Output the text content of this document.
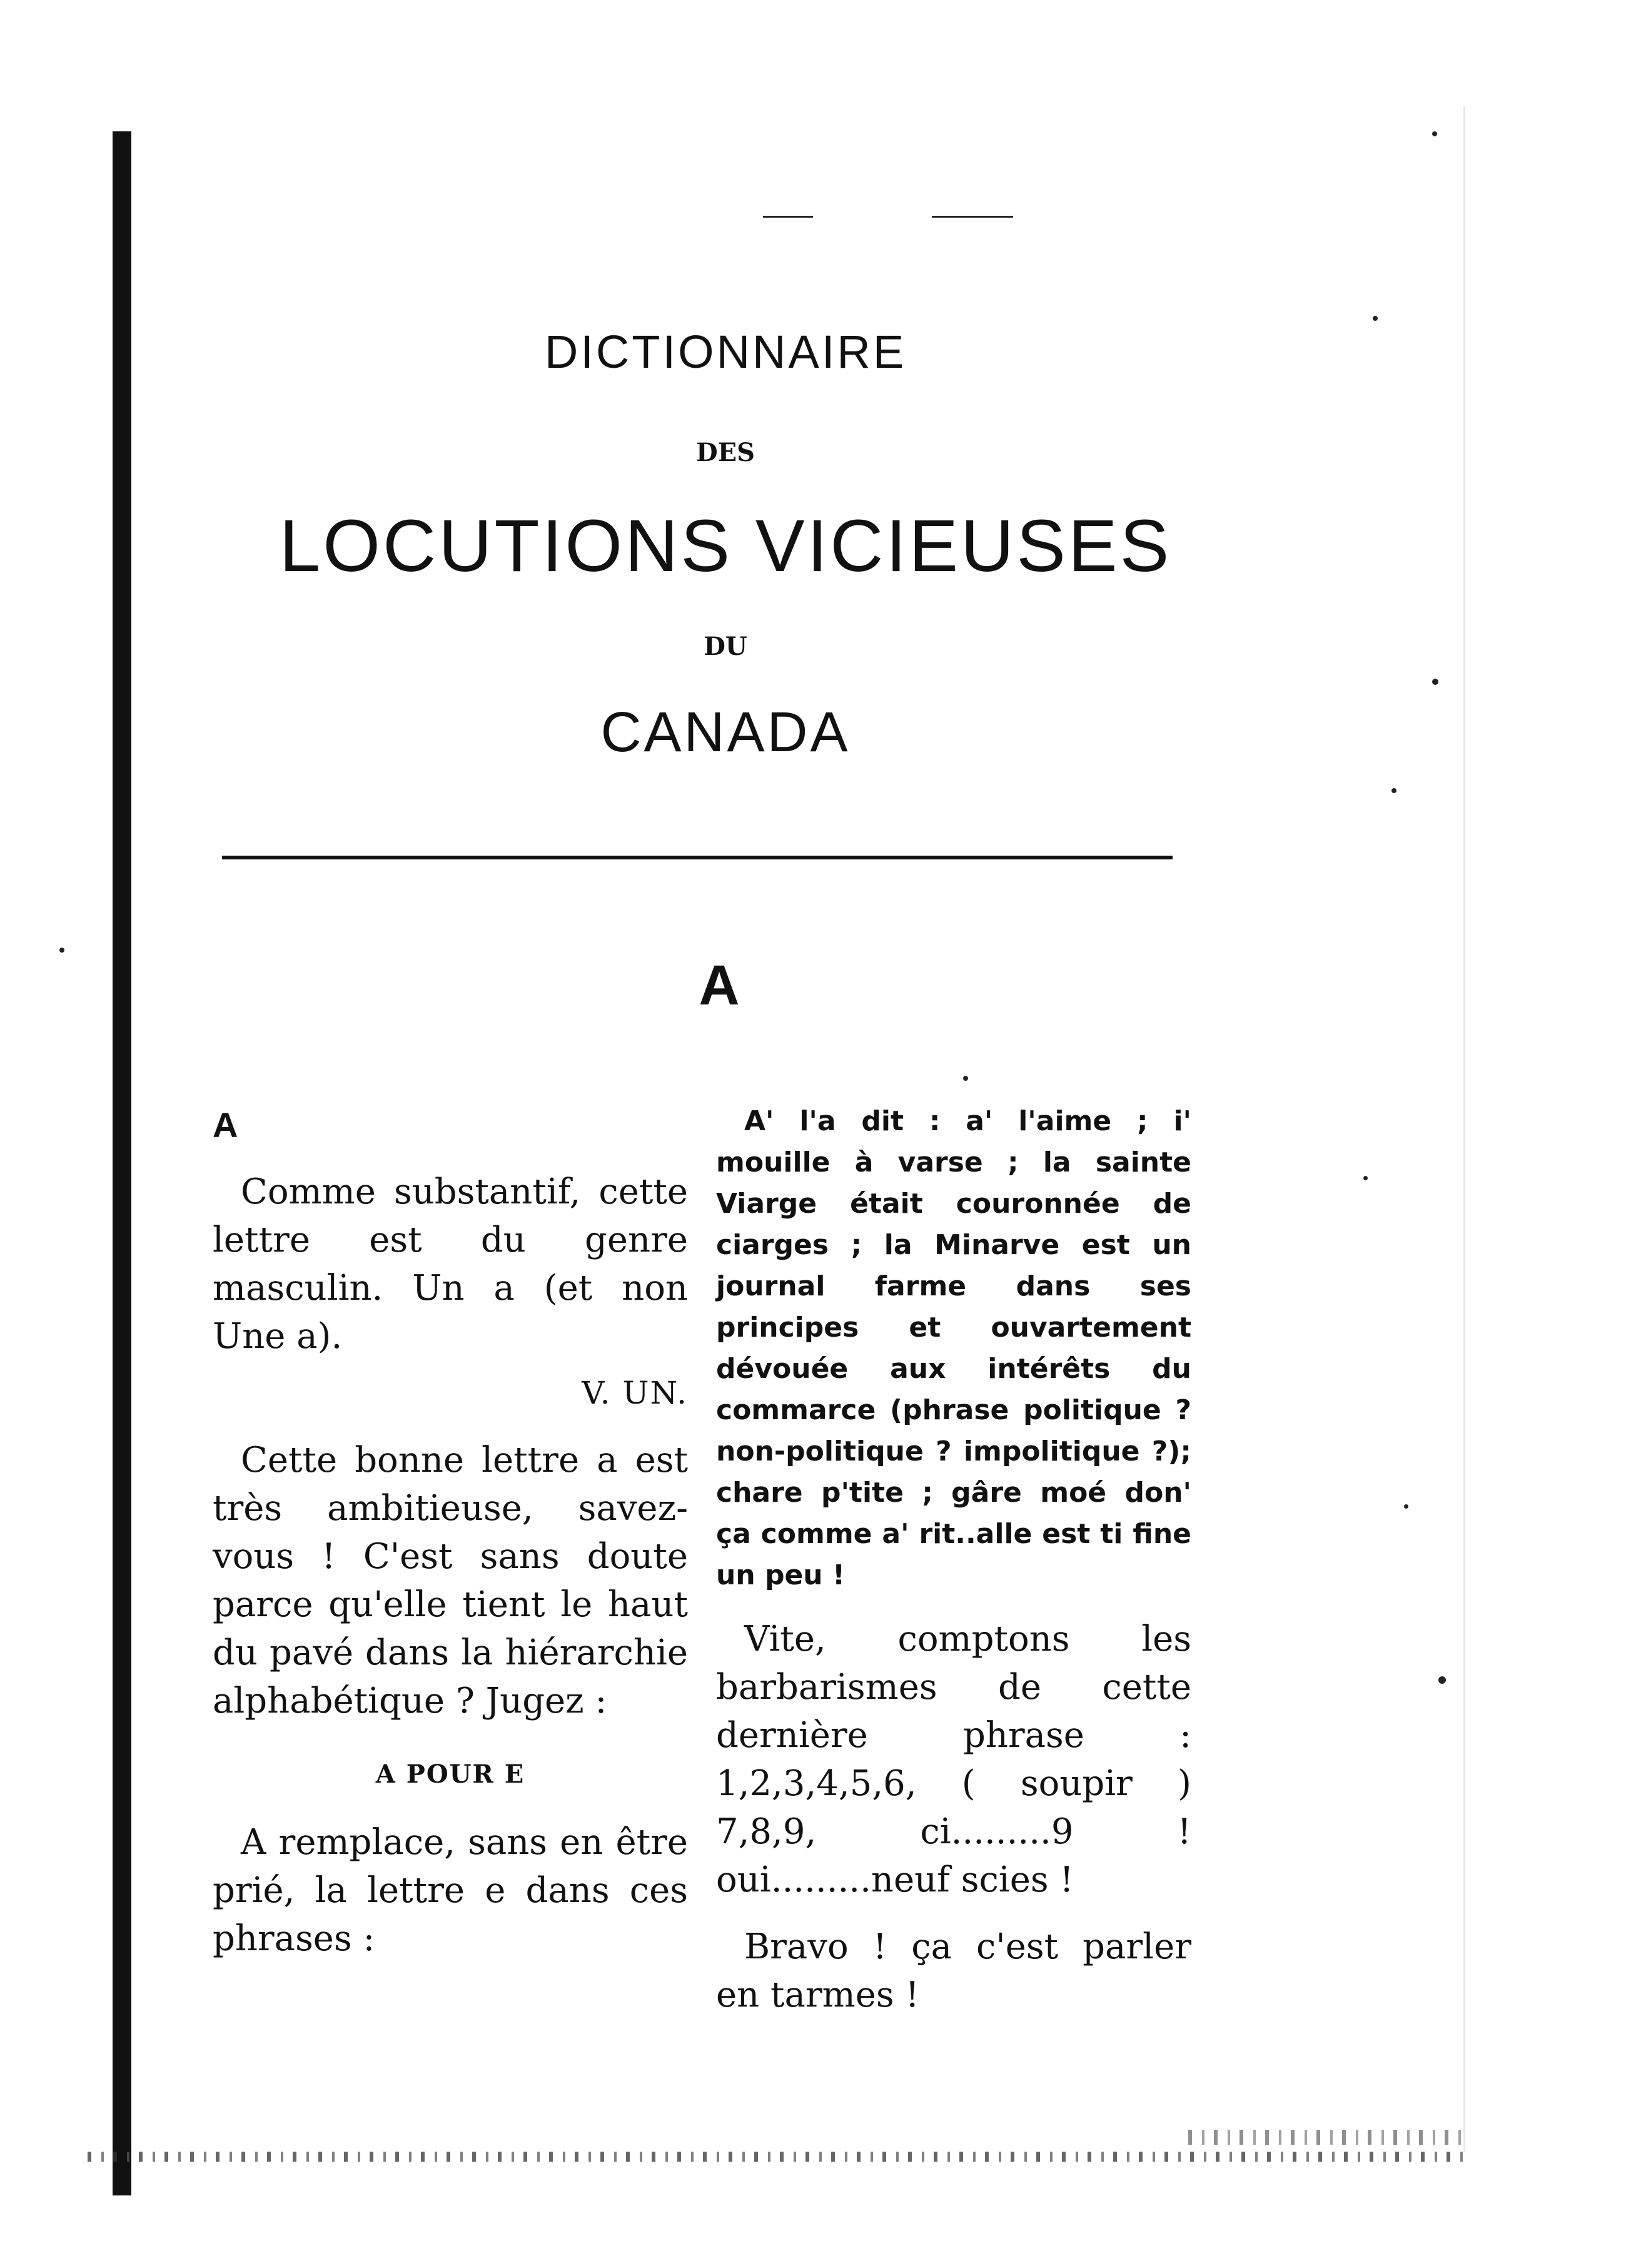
DICTIONNAIRE
DES
LOCUTIONS VICIEUSES
DU
CANADA
A
A

Comme substantif, cette lettre est du genre masculin. Un a (et non Une a).

V. UN.

Cette bonne lettre a est très ambitieuse, savez-vous ! C'est sans doute parce qu'elle tient le haut du pavé dans la hiérarchie alphabétique ? Jugez :

A POUR E

A remplace, sans en être prié, la lettre e dans ces phrases :

A' l'a dit : a' l'aime ; i' mouille à varse ; la sainte Viarge était couronnée de ciarges ; la Minarve est un journal farme dans ses principes et ouvartement dévouée aux intérêts du commarce (phrase politique ? non-politique ? impolitique ?); chare p'tite ; gâre moé don' ça comme a' rit..alle est ti fine un peu !

Vite, comptons les barbarismes de cette dernière phrase : 1,2,3,4,5,6, ( soupir ) 7,8,9, ci.........9 ! oui.........neuf scies !

Bravo ! ça c'est parler en tarmes !
